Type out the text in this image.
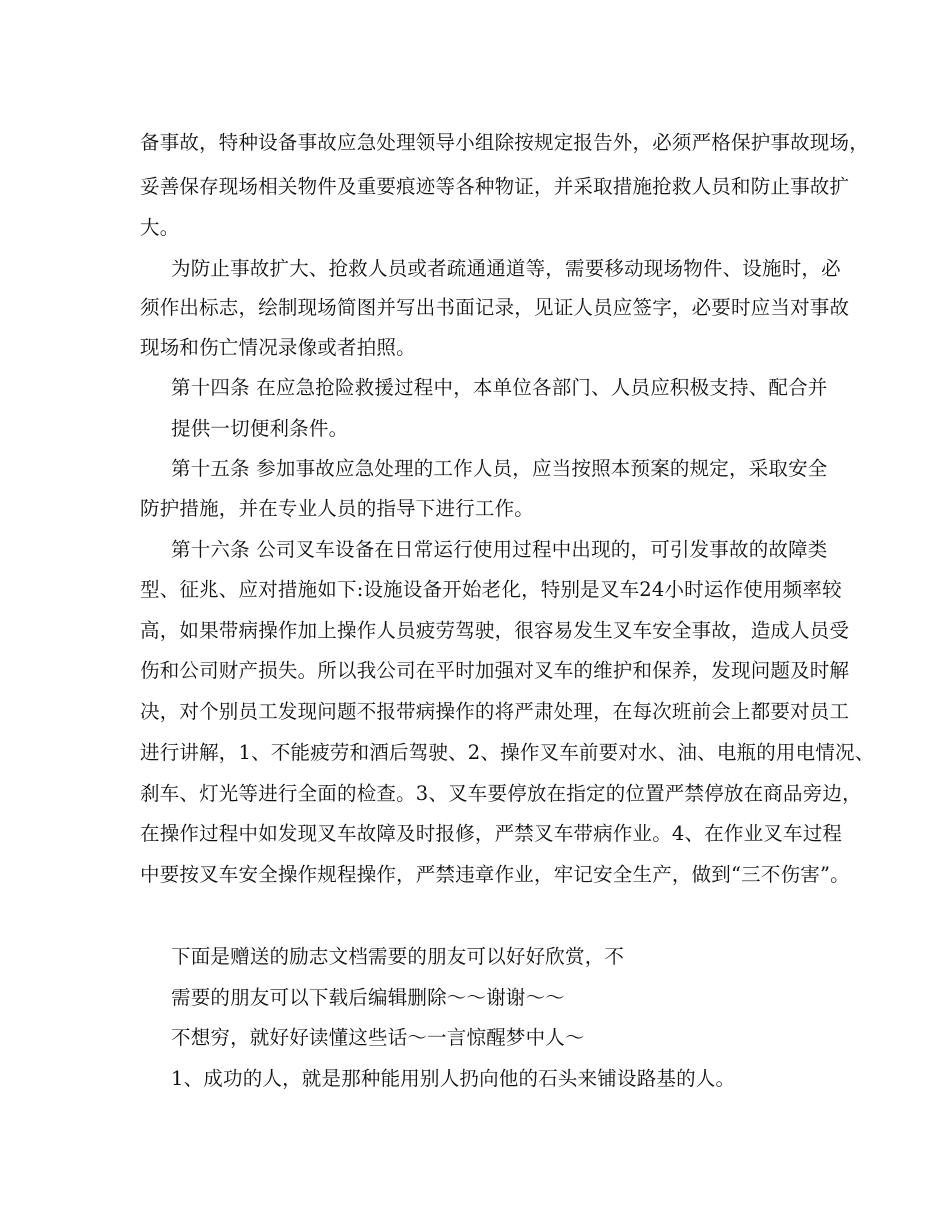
备事故，特种设备事故应急处理领导小组除按规定报告外，必须严格保护事故现场，
妥善保存现场相关物件及重要痕迹等各种物证，并采取措施抢救人员和防止事故扩
大。
为防止事故扩大、抢救人员或者疏通通道等，需要移动现场物件、设施时，必
须作出标志，绘制现场简图并写出书面记录，见证人员应签字，必要时应当对事故
现场和伤亡情况录像或者拍照。
第十四条 在应急抢险救援过程中，本单位各部门、人员应积极支持、配合并
提供一切便利条件。
第十五条 参加事故应急处理的工作人员，应当按照本预案的规定，采取安全
防护措施，并在专业人员的指导下进行工作。
第十六条 公司叉车设备在日常运行使用过程中出现的，可引发事故的故障类
型、征兆、应对措施如下:设施设备开始老化，特别是叉车24小时运作使用频率较
高，如果带病操作加上操作人员疲劳驾驶，很容易发生叉车安全事故，造成人员受
伤和公司财产损失。所以我公司在平时加强对叉车的维护和保养，发现问题及时解
决，对个别员工发现问题不报带病操作的将严肃处理，在每次班前会上都要对员工
进行讲解，1、不能疲劳和酒后驾驶、2、操作叉车前要对水、油、电瓶的用电情况、
刹车、灯光等进行全面的检查。3、叉车要停放在指定的位置严禁停放在商品旁边，
在操作过程中如发现叉车故障及时报修，严禁叉车带病作业。4、在作业叉车过程
中要按叉车安全操作规程操作，严禁违章作业，牢记安全生产，做到“三不伤害”。
下面是赠送的励志文档需要的朋友可以好好欣赏，不
需要的朋友可以下载后编辑删除～～谢谢～～
不想穷，就好好读懂这些话～一言惊醒梦中人～
1、成功的人，就是那种能用别人扔向他的石头来铺设路基的人。
